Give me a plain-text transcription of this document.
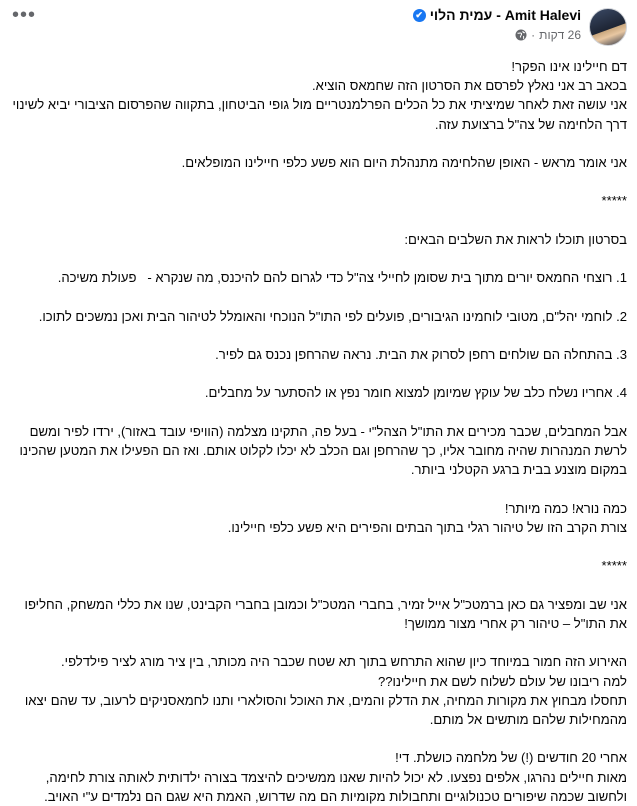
•••	Amit Halevi - עמית הלוי
✔
26 דקות
·
דם חיילינו אינו הפקר!
בכאב רב אני נאלץ לפרסם את הסרטון הזה שחמאס הוציא.
אני עושה זאת לאחר שמיציתי את כל הכלים הפרלמנטריים מול גופי הביטחון, בתקווה שהפרסום הציבורי יביא לשינוי דרך הלחימה של צה"ל ברצועת עזה.

אני אומר מראש - האופן שהלחימה מתנהלת היום הוא פשע כלפי חיילינו המופלאים.

*****

בסרטון תוכלו לראות את השלבים הבאים:

1. רוצחי החמאס יורים מתוך בית שסומן לחיילי צה"ל כדי לגרום להם להיכנס, מה שנקרא -   פעולת משיכה.

2. לוחמי יהל"ם, מטובי לוחמינו הגיבורים, פועלים לפי התו"ל הנוכחי והאומלל לטיהור הבית ואכן נמשכים לתוכו.

3. בהתחלה הם שולחים רחפן לסרוק את הבית. נראה שהרחפן נכנס גם לפיר.

4. אחריו נשלח כלב של עוקץ שמיומן למצוא חומר נפץ או להסתער על מחבלים.

אבל המחבלים, שכבר מכירים את התו"ל הצהל"י - בעל פה, התקינו מצלמה (הוויפי עובד באזור), ירדו לפיר ומשם לרשת המנהרות שהיה מחובר אליו, כך שהרחפן וגם הכלב לא יכלו לקלוט אותם. ואז הם הפעילו את המטען שהכינו במקום מוצנע בבית ברגע הקטלני ביותר.

כמה נורא! כמה מיותר!
צורת הקרב הזו של טיהור רגלי בתוך הבתים והפירים היא פשע כלפי חיילינו.

*****

אני שב ומפציר גם כאן ברמטכ"ל אייל זמיר, בחברי המטכ"ל וכמובן בחברי הקבינט, שנו את כללי המשחק, החליפו את התו"ל – טיהור רק אחרי מצור ממושך!

האירוע הזה חמור במיוחד כיון שהוא התרחש בתוך תא שטח שכבר היה מכותר, בין ציר מורג לציר פילדלפי.
למה ריבונו של עולם לשלוח לשם את חיילינו??
תחסלו מבחוץ את מקורות המחיה, את הדלק והמים, את האוכל והסולארי ותנו לחמאסניקים לרעוב, עד שהם יצאו מהמחילות שלהם מותשים אל מותם.

אחרי 20 חודשים (!) של מלחמה כושלת. די!
מאות חיילים נהרגו, אלפים נפצעו. לא יכול להיות שאנו ממשיכים להיצמד בצורה ילדותית לאותה צורת לחימה, ולחשוב שכמה שיפורים טכנולוגיים ותחבולות מקומיות הם מה שדרוש, האמת היא שגם הם נלמדים ע"י האויב.
